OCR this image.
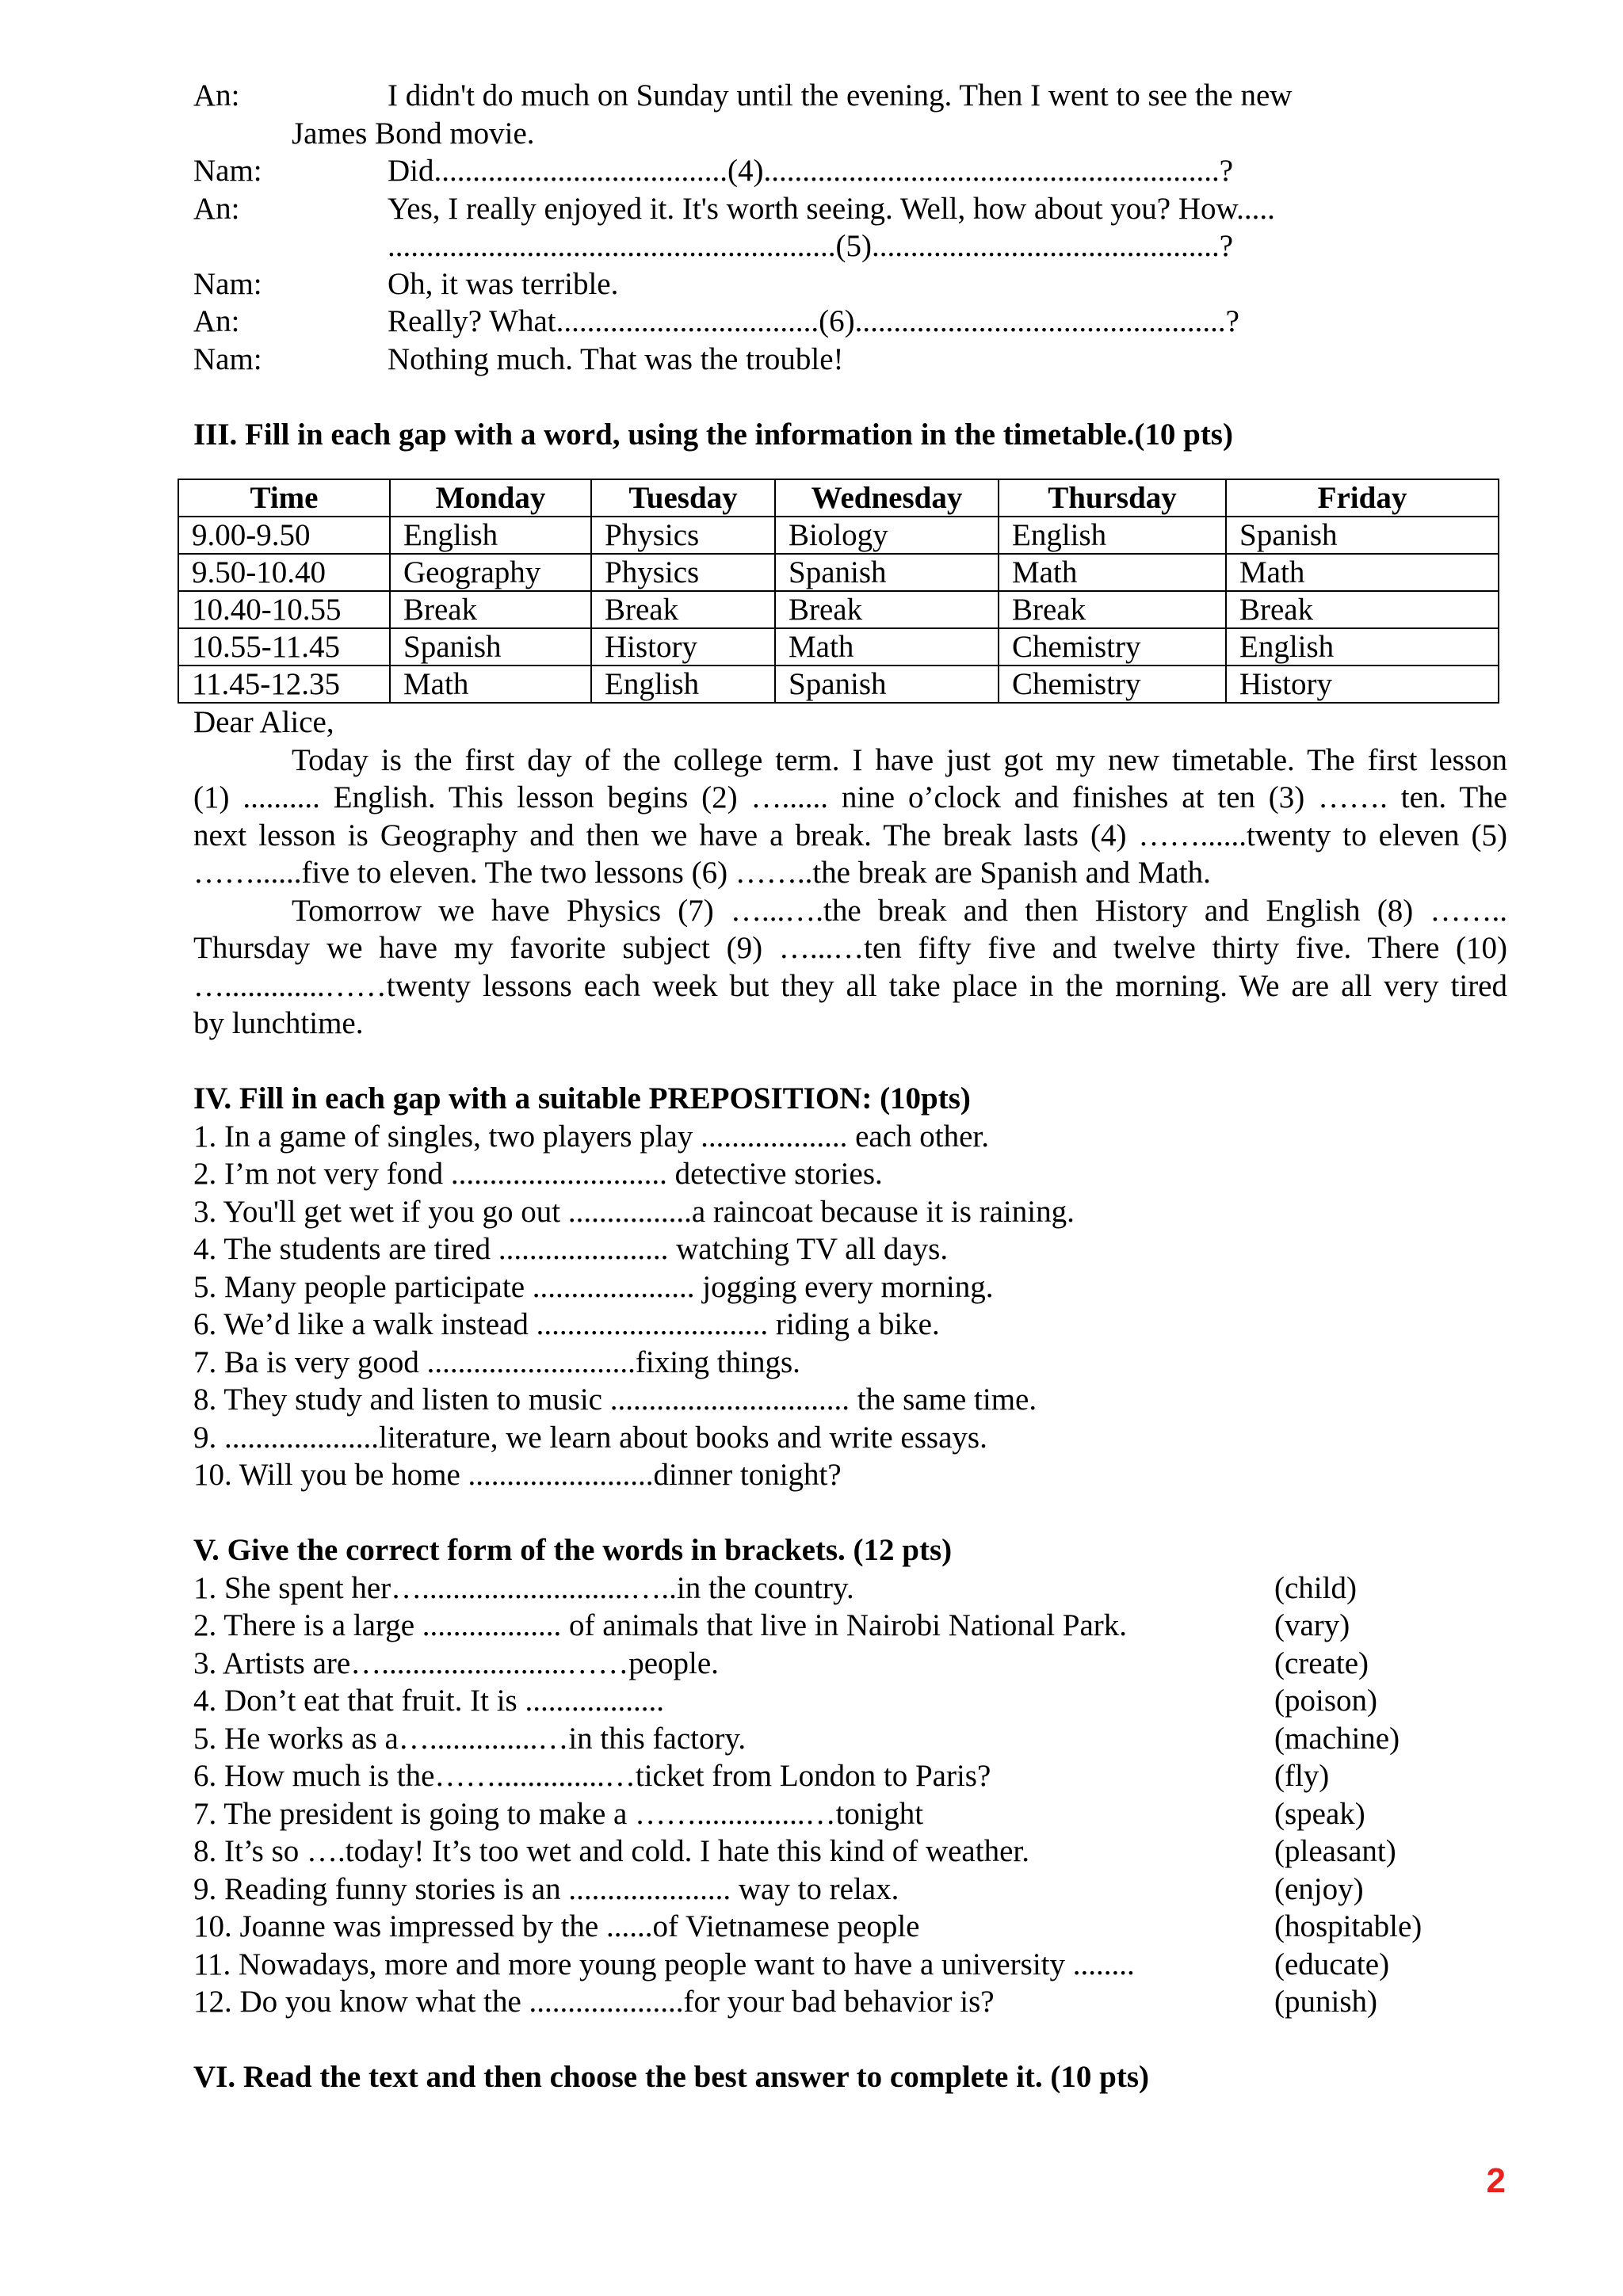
An:	I didn't do much on Sunday until the evening. Then I went to see the new
James Bond movie.
Nam:	Did......................................(4)...........................................................?
An:	Yes, I really enjoyed it. It's worth seeing. Well, how about you? How.....
..........................................................(5).............................................?
Nam:	Oh, it was terrible.
An:	Really? What..................................(6)................................................?
Nam:	Nothing much. That was the trouble!
III. Fill in each gap with a word, using the information in the timetable.(10 pts)
Time	Monday	Tuesday	Wednesday	Thursday	Friday
9.00-9.50	English	Physics	Biology	English	Spanish
9.50-10.40	Geography	Physics	Spanish	Math	Math
10.40-10.55	Break	Break	Break	Break	Break
10.55-11.45	Spanish	History	Math	Chemistry	English
11.45-12.35	Math	English	Spanish	Chemistry	History
Dear Alice,
Today is the first day of the college term. I have just got my new timetable. The first lesson
(1) .......... English. This lesson begins (2) …...... nine o’clock and finishes at ten (3) ……. ten. The
next lesson is Geography and then we have a break. The break lasts (4) ……......twenty to eleven (5)
……......five to eleven. The two lessons (6) ……..the break are Spanish and Math.
Tomorrow we have Physics (7) …...….the break and then History and English (8) ……..
Thursday we have my favorite subject (9) …...…ten fifty five and twelve thirty five. There (10)
….............……twenty lessons each week but they all take place in the morning. We are all very tired
by lunchtime.
IV. Fill in each gap with a suitable PREPOSITION: (10pts)
1. In a game of singles, two players play ................... each other.
2. I’m not very fond ............................ detective stories.
3. You'll get wet if you go out ................a raincoat because it is raining.
4. The students are tired ...................... watching TV all days.
5. Many people participate ..................... jogging every morning.
6. We’d like a walk instead .............................. riding a bike.
7. Ba is very good ...........................fixing things.
8. They study and listen to music ............................... the same time.
9. ....................literature, we learn about books and write essays.
10. Will you be home ........................dinner tonight?
V. Give the correct form of the words in brackets. (12 pts)
1. She spent her…...........................…..in the country.	(child)
2. There is a large .................. of animals that live in Nairobi National Park.	(vary)
3. Artists are…........................……people.	(create)
4. Don’t eat that fruit. It is ..................	(poison)
5. He works as a…..............…in this factory.	(machine)
6. How much is the……..............…ticket from London to Paris?	(fly)
7. The president is going to make a ……..............…tonight	(speak)
8. It’s so ….today! It’s too wet and cold. I hate this kind of weather.	(pleasant)
9. Reading funny stories is an ..................... way to relax.	(enjoy)
10. Joanne was impressed by the ......of Vietnamese people	(hospitable)
11. Nowadays, more and more young people want to have a university ........	(educate)
12. Do you know what the ....................for your bad behavior is?	(punish)
VI. Read the text and then choose the best answer to complete it. (10 pts)
2
